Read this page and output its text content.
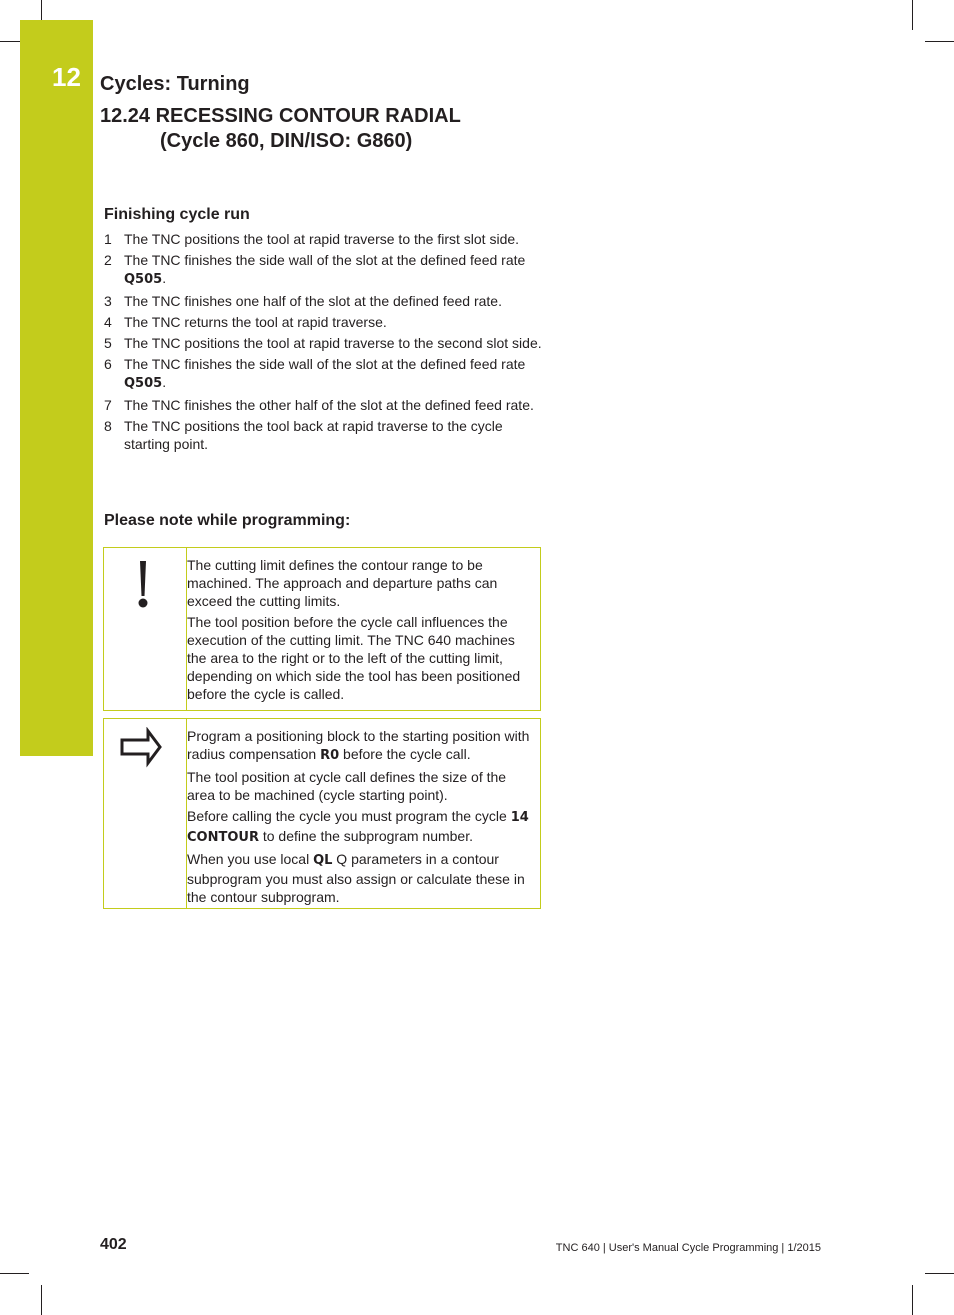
12 Cycles: Turning
12.24 RECESSING CONTOUR RADIAL
(Cycle 860, DIN/ISO: G860)
Finishing cycle run
1 The TNC positions the tool at rapid traverse to the first slot side.
2 The TNC finishes the side wall of the slot at the defined feed rate Q505.
3 The TNC finishes one half of the slot at the defined feed rate.
4 The TNC returns the tool at rapid traverse.
5 The TNC positions the tool at rapid traverse to the second slot side.
6 The TNC finishes the side wall of the slot at the defined feed rate Q505.
7 The TNC finishes the other half of the slot at the defined feed rate.
8 The TNC positions the tool back at rapid traverse to the cycle starting point.
Please note while programming:

The cutting limit defines the contour range to be machined. The approach and departure paths can exceed the cutting limits.

The tool position before the cycle call influences the execution of the cutting limit. The TNC 640 machines the area to the right or to the left of the cutting limit, depending on which side the tool has been positioned before the cycle is called.

Program a positioning block to the starting position with radius compensation R0 before the cycle call.

The tool position at cycle call defines the size of the area to be machined (cycle starting point).

Before calling the cycle you must program the cycle 14 CONTOUR to define the subprogram number.

When you use local QL Q parameters in a contour subprogram you must also assign or calculate these in the contour subprogram.

402	TNC 640 | User's Manual Cycle Programming | 1/2015
